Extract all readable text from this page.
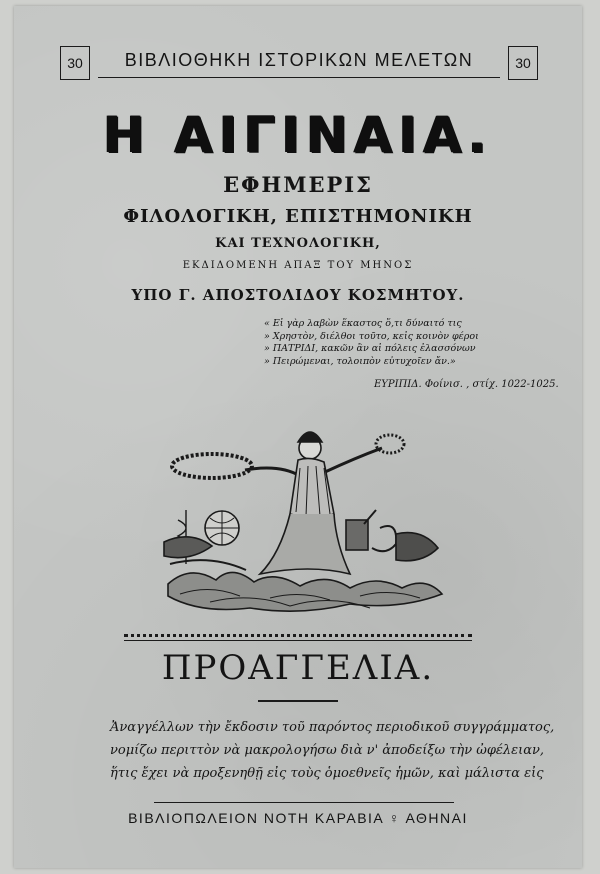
30	ΒΙΒΛΙΟΘΗΚΗ ΙΣΤΟΡΙΚΩΝ ΜΕΛΕΤΩΝ	30
Η ΑΙΓΙΝΑΙΑ.
ΕΦΗΜΕΡΙΣ
ΦΙΛΟΛΟΓΙΚΗ, ΕΠΙΣΤΗΜΟΝΙΚΗ
ΚΑΙ ΤΕΧΝΟΛΟΓΙΚΗ,
ΕΚΔΙΔΟΜΕΝΗ ΑΠΑΞ ΤΟΥ ΜΗΝΟΣ
ΥΠΟ Γ. ΑΠΟΣΤΟΛΙΔΟΥ ΚΟΣΜΗΤΟΥ.
« Εἰ γὰρ λαβὼν ἕκαστος ὅ,τι δύναιτό τις
» Χρηστὸν, διέλθοι τοῦτο, κεἰς κοινὸν φέροι
» ΠΑΤΡΙΔΙ, κακῶν ἂν αἱ πόλεις ἐλασσόνων
» Πειρώμεναι, τολοιπὸν εὐτυχοῖεν ἄν.»
ΕΥΡΙΠΙΔ. Φοίνισ. , στίχ. 1022-1025.
ΠΡΟΑΓΓΕΛΙΑ.
Ἀναγγέλλων τὴν ἔκδοσιν τοῦ παρόντος περιοδικοῦ συγγράμματος,
νομίζω περιττὸν νὰ μακρολογήσω διὰ ν' ἀποδείξω τὴν ὠφέλειαν,
ἥτις ἔχει νὰ προξενηθῇ εἰς τοὺς ὁμοεθνεῖς ἡμῶν, καὶ μάλιστα εἰς
ΒΙΒΛΙΟΠΩΛΕΙΟΝ ΝΟΤΗ ΚΑΡΑΒΙΑ ♀ ΑΘΗΝΑΙ
